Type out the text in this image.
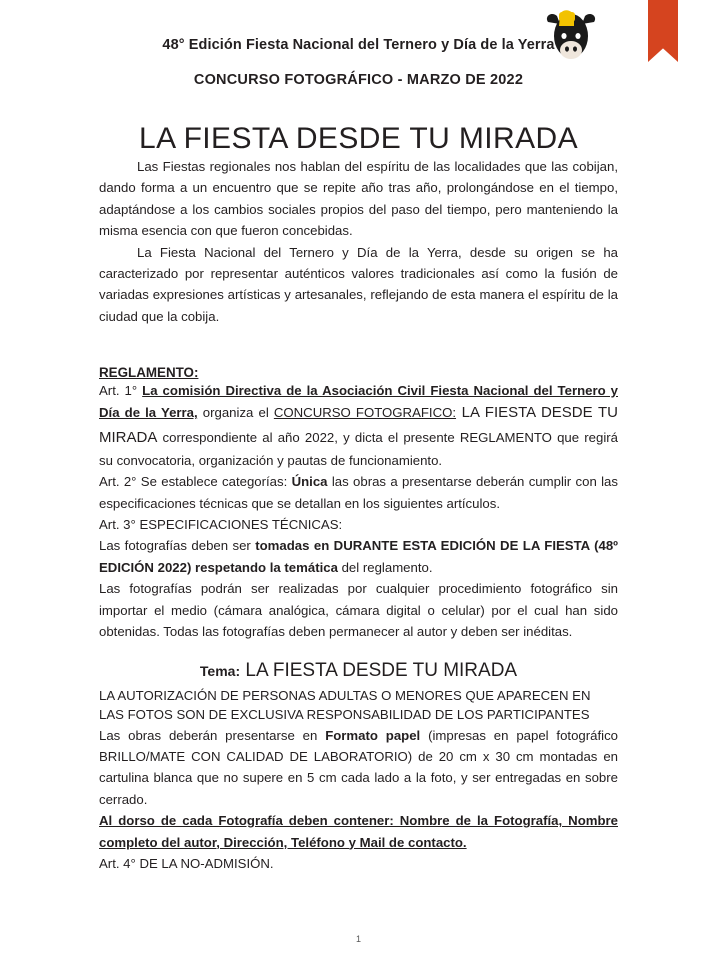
48° Edición Fiesta Nacional del Ternero y Día de la Yerra
CONCURSO FOTOGRÁFICO - MARZO DE 2022
LA FIESTA DESDE TU MIRADA

Las Fiestas regionales nos hablan del espíritu de las localidades que las cobijan, dando forma a un encuentro que se repite año tras año, prolongándose en el tiempo, adaptándose a los cambios sociales propios del paso del tiempo, pero manteniendo la misma esencia con que fueron concebidas.

La Fiesta Nacional del Ternero y Día de la Yerra, desde su origen se ha caracterizado por representar auténticos valores tradicionales así como la fusión de variadas expresiones artísticas y artesanales, reflejando de esta manera el espíritu de la ciudad que la cobija.

REGLAMENTO:

Art. 1° La comisión Directiva de la Asociación Civil Fiesta Nacional del Ternero y Día de la Yerra, organiza el CONCURSO FOTOGRAFICO: LA FIESTA DESDE TU MIRADA correspondiente al año 2022, y dicta el presente REGLAMENTO que regirá su convocatoria, organización y pautas de funcionamiento.

Art. 2° Se establece categorías: Única las obras a presentarse deberán cumplir con las especificaciones técnicas que se detallan en los siguientes artículos.

Art. 3° ESPECIFICACIONES TÉCNICAS:

Las fotografías deben ser tomadas en DURANTE ESTA EDICIÓN DE LA FIESTA (48º EDICIÓN 2022) respetando la temática del reglamento.

Las fotografías podrán ser realizadas por cualquier procedimiento fotográfico sin importar el medio (cámara analógica, cámara digital o celular) por el cual han sido obtenidas. Todas las fotografías deben permanecer al autor y deben ser inéditas.

Tema: LA FIESTA DESDE TU MIRADA

LA AUTORIZACIÓN DE PERSONAS ADULTAS O MENORES QUE APARECEN EN LAS FOTOS SON DE EXCLUSIVA RESPONSABILIDAD DE LOS PARTICIPANTES

Las obras deberán presentarse en Formato papel (impresas en papel fotográfico BRILLO/MATE CON CALIDAD DE LABORATORIO) de 20 cm x 30 cm montadas en cartulina blanca que no supere en 5 cm cada lado a la foto, y ser entregadas en sobre cerrado.

Al dorso de cada Fotografía deben contener: Nombre de la Fotografía, Nombre completo del autor, Dirección, Teléfono y Mail de contacto.

Art. 4° DE LA NO-ADMISIÓN.

1
